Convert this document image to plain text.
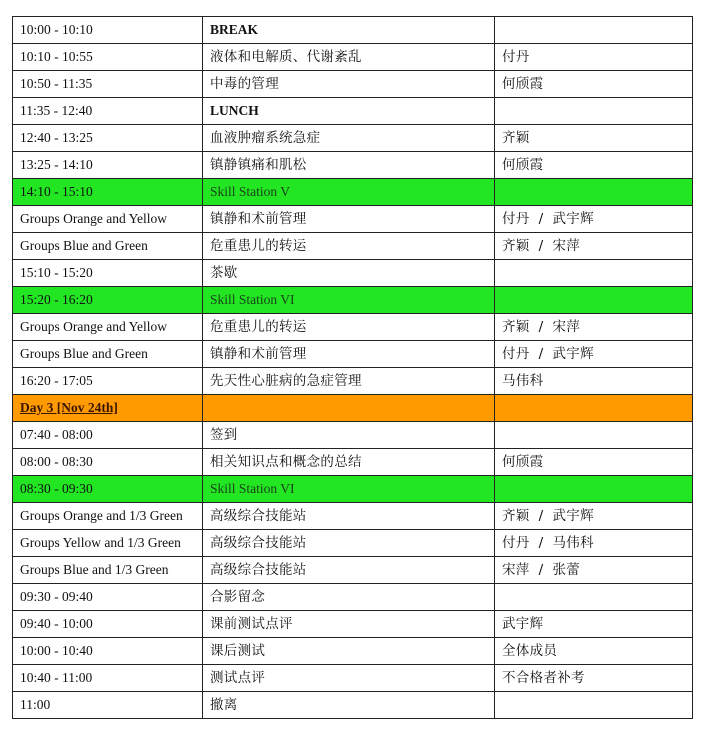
10:00 - 10:10	BREAK	
10:10 - 10:55	液体和电解质、代谢紊乱	付丹
10:50 - 11:35	中毒的管理	何颀霞
11:35 - 12:40	LUNCH	
12:40 - 13:25	血液肿瘤系统急症	齐颖
13:25 - 14:10	镇静镇痛和肌松	何颀霞
14:10 - 15:10	Skill Station V	
Groups Orange and Yellow	镇静和术前管理	付丹 / 武宇辉
Groups Blue and Green	危重患儿的转运	齐颖 / 宋萍
15:10 - 15:20	茶歇	
15:20 - 16:20	Skill Station VI	
Groups Orange and Yellow	危重患儿的转运	齐颖 / 宋萍
Groups Blue and Green	镇静和术前管理	付丹 / 武宇辉
16:20 - 17:05	先天性心脏病的急症管理	马伟科
Day 3 [Nov 24th]		
07:40 - 08:00	签到	
08:00 - 08:30	相关知识点和概念的总结	何颀霞
08:30 - 09:30	Skill Station VI	
Groups Orange and 1/3 Green	高级综合技能站	齐颖 / 武宇辉
Groups Yellow and 1/3 Green	高级综合技能站	付丹 / 马伟科
Groups Blue and 1/3 Green	高级综合技能站	宋萍 / 张蕾
09:30 - 09:40	合影留念	
09:40 - 10:00	课前测试点评	武宇辉
10:00 - 10:40	课后测试	全体成员
10:40 - 11:00	测试点评	不合格者补考
11:00	撤离	
